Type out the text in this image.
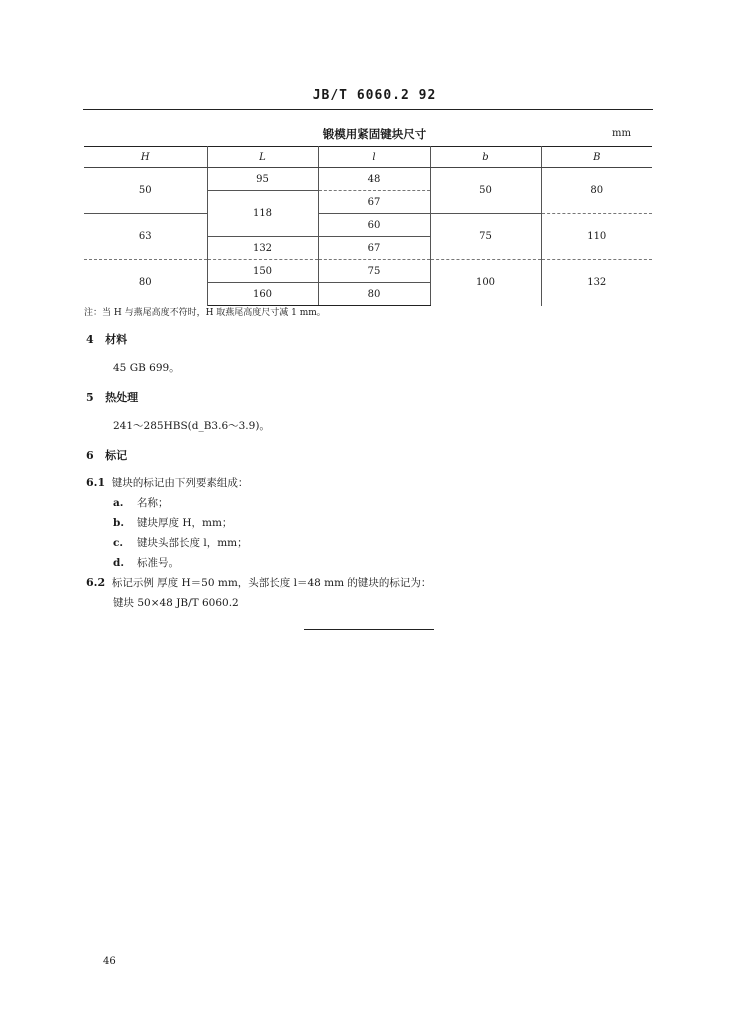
JB/T 6060.2 92
锻模用紧固键块尺寸	mm
H	L	l	b	B
50	95	48	50	80
	118	67		
63		60	75	110
	132	67		
80	150	75	100	132
	160	80		
注：当 H 与燕尾高度不符时，H 取燕尾高度尺寸减 1 mm。
4 材料
45 GB 699。
5 热处理
241～285HBS(d_B3.6～3.9)。
6 标记
6.1 键块的标记由下列要素组成：
a. 名称；
b. 键块厚度 H，mm；
c. 键块头部长度 l，mm；
d. 标准号。
6.2 标记示例 厚度 H＝50 mm，头部长度 l＝48 mm 的键块的标记为：
键块 50×48 JB/T 6060.2
46
